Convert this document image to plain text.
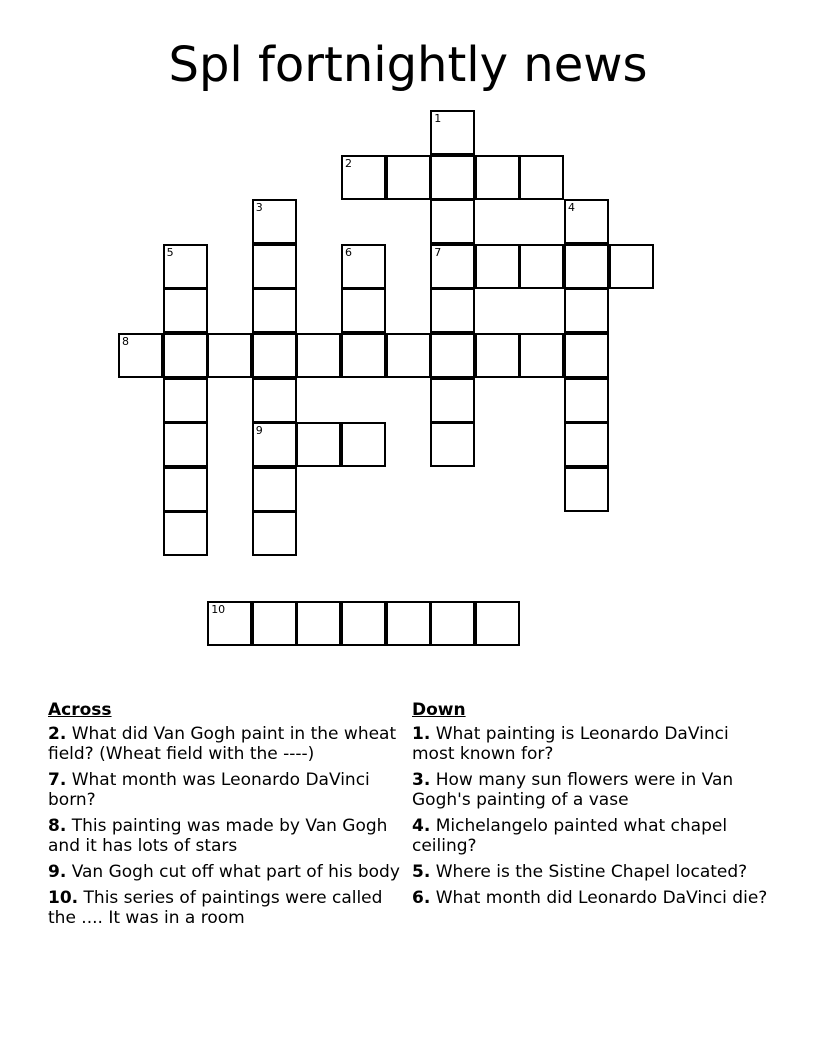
Spl fortnightly news
2
7
8
9
10
1
3	4
5	6
Across
2. What did Van Gogh paint in the wheat field? (Wheat field with the ----)
7. What month was Leonardo DaVinci born?
8. This painting was made by Van Gogh and it has lots of stars
9. Van Gogh cut off what part of his body
10. This series of paintings were called the .... It was in a room
Down
1. What painting is Leonardo DaVinci most known for?
3. How many sun flowers were in Van Gogh's painting of a vase
4. Michelangelo painted what chapel ceiling?
5. Where is the Sistine Chapel located?
6. What month did Leonardo DaVinci die?
